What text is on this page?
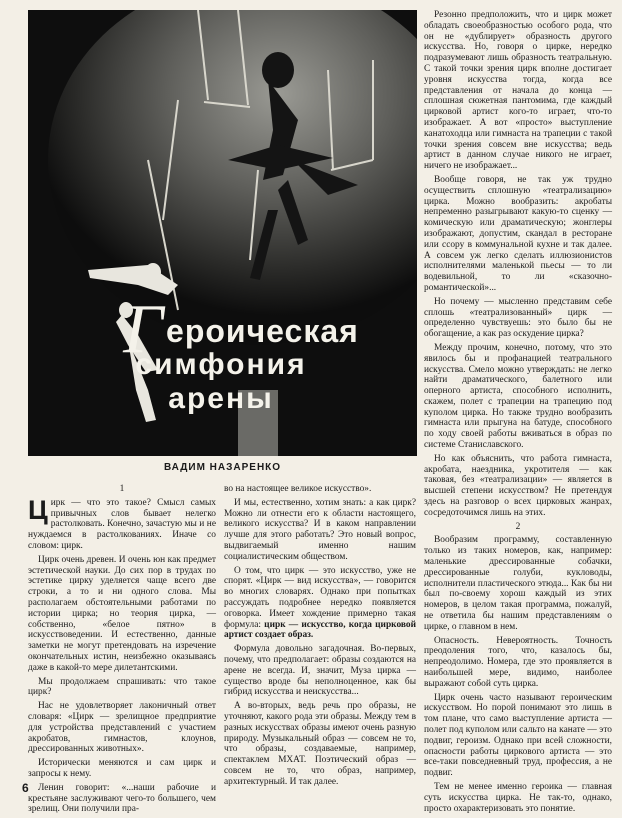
Героическая
симфония
арены
ВАДИМ НАЗАРЕНКО

1

Цирк — что это такое? Смысл самых привычных слов бывает нелегко растолковать. Конечно, зачастую мы и не нуждаемся в растолкованиях. Иначе со словом: цирк.

Цирк очень древен. И очень юн как предмет эстетической науки. До сих пор в трудах по эстетике цирку уделяется чаще всего две строки, а то и ни одного слова. Мы располагаем обстоятельными работами по истории цирка; но теория цирка, — собственно, «белое пятно» в искусствоведении. И естественно, данные заметки не могут претендовать на изречение окончательных истин, неизбежно оказываясь даже в какой-то мере дилетантскими.

Мы продолжаем спрашивать: что такое цирк?

Нас не удовлетворяет лаконичный ответ словаря: «Цирк — зрелищное предприятие для устройства представлений с участием акробатов, гимнастов, клоунов, дрессированных животных».

Исторически меняются и сам цирк и запросы к нему.

Ленин говорит: «...наши рабочие и крестьяне заслуживают чего-то большего, чем зрелищ. Они получили пра-

во на настоящее великое искусство».

И мы, естественно, хотим знать: а как цирк? Можно ли отнести его к области настоящего, великого искусства? И в каком направлении лучше для этого работать? Это новый вопрос, выдвигаемый именно нашим социалистическим обществом.

О том, что цирк — это искусство, уже не спорят. «Цирк — вид искусства», — говорится во многих словарях. Однако при попытках рассуждать подробнее нередко появляется оговорка. Имеет хождение примерно такая формула: цирк — искусство, когда цирковой артист создает образ.

Формула довольно загадочная. Во-первых, почему, что предполагает: образы создаются на арене не всегда. И, значит, Муза цирка — существо вроде бы неполноценное, как бы гибрид искусства и неискусства...

А во-вторых, ведь речь про образы, не уточняют, какого рода эти образы. Между тем в разных искусствах образы имеют очень разную природу. Музыкальный образ — совсем не то, что образы, создаваемые, например, спектаклем МХАТ. Поэтический образ — совсем не то, что образ, например, архитектурный. И так далее.

Резонно предположить, что и цирк может обладать своеобразностью особого рода, что он не «дублирует» образность другого искусства. Но, говоря о цирке, нередко подразумевают лишь образность театральную. С такой точки зрения цирк вполне достигает уровня искусства тогда, когда все представления от начала до конца — сплошная сюжетная пантомима, где каждый цирковой артист кого-то играет, что-то изображает. А вот «просто» выступление канатоходца или гимнаста на трапеции с такой точки зрения совсем вне искусства; ведь артист в данном случае никого не играет, ничего не изображает...

Вообще говоря, не так уж трудно осуществить сплошную «театрализацию» цирка. Можно вообразить: акробаты непременно разыгрывают какую-то сценку — комическую или драматическую; жонглеры изображают, допустим, скандал в ресторане или ссору в коммунальной кухне и так далее. А совсем уж легко сделать иллюзионистов исполнителями маленькой пьесы — то ли водевильной, то ли «сказочно-романтической»...

Но почему — мысленно представим себе сплошь «театрализованный» цирк — определенно чувствуешь: это было бы не обогащение, а как раз оскудение цирка?

Между прочим, конечно, потому, что это явилось бы и профанацией театрального искусства. Смело можно утверждать: не легко найти драматического, балетного или оперного артиста, способного исполнить, скажем, полет с трапеции на трапецию под куполом цирка. Но также трудно вообразить гимнаста или прыгуна на батуде, способного по ходу своей работы вживаться в образ по системе Станиславского.

Но как объяснить, что работа гимнаста, акробата, наездника, укротителя — как таковая, без «театрализации» — является в высшей степени искусством? Не претендуя здесь на разговор о всех цирковых жанрах, сосредоточимся лишь на этих.

2

Вообразим программу, составленную только из таких номеров, как, например: маленькие дрессированные собачки, дрессированные голуби, кукловоды, исполнители пластического этюда... Как бы ни был по-своему хорош каждый из этих номеров, в целом такая программа, пожалуй, не ответила бы нашим представлениям о цирке, о главном в нем.

Опасность. Невероятность. Точность преодоления того, что, казалось бы, непреодолимо. Номера, где это проявляется в наибольшей мере, видимо, наиболее выражают собой суть цирка.

Цирк очень часто называют героическим искусством. Но порой понимают это лишь в том плане, что само выступление артиста — полет под куполом или сальто на канате — это подвиг, героизм. Однако при всей сложности, опасности работы циркового артиста — это все-таки повседневный труд, профессия, а не подвиг.

Тем не менее именно героика — главная суть искусства цирка. Не так-то, однако, просто охарактеризовать это понятие.

6
